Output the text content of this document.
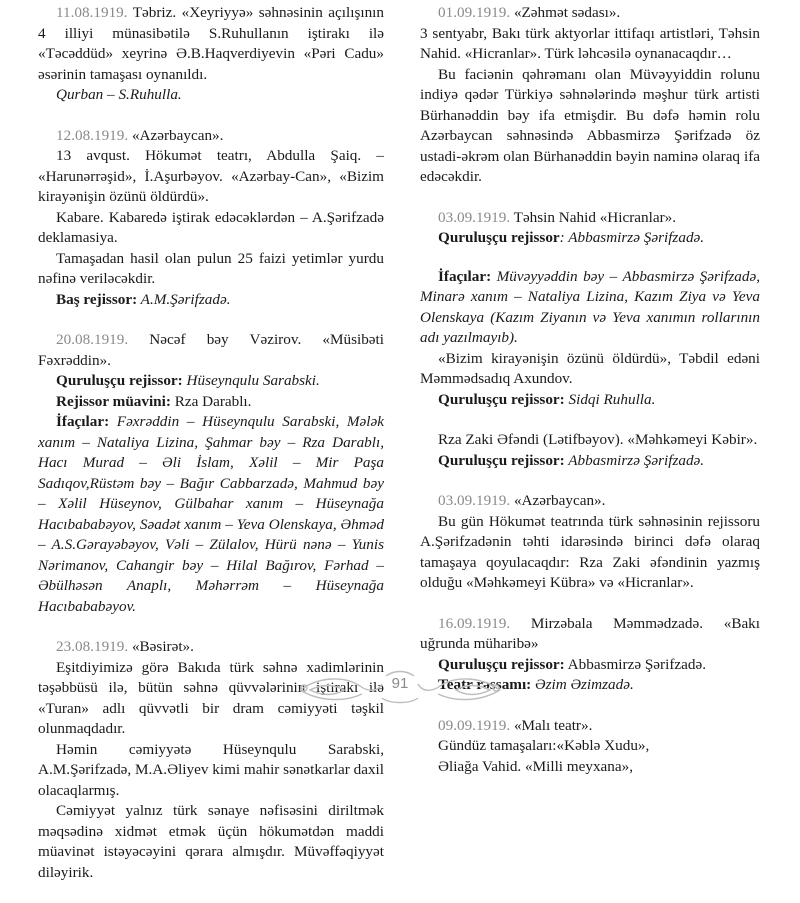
11.08.1919. Təbriz. «Xeyriyyə» səhnəsinin açılışının 4 illiyi münasibətilə S.Ruhullanın iştirakı ilə «Təcəddüd» xeyrinə Ə.B.Haqverdiyevin «Pəri Cadu» əsərinin tamaşası oynanıldı.

Qurban – S.Ruhulla.

12.08.1919. «Azərbaycan».

13 avqust. Hökumət teatrı, Abdulla Şaiq. – «Harunərrəşid», İ.Aşurbəyov. «Azərbay-Can», «Bizim kirayənişin özünü öldürdü».

Kabare. Kabaredə iştirak edəcəklərdən – A.Şərifzadə deklamasiya.

Tamaşadan hasil olan pulun 25 faizi yetimlər yurdu nəfinə veriləcəkdir.

Baş rejissor: A.M.Şərifzadə.

20.08.1919. Nəcəf bəy Vəzirov. «Müsibəti Fəxrəddin».

Quruluşçu rejissor: Hüseynqulu Sarabski.

Rejissor müavini: Rza Darablı.

İfaçılar: Fəxrəddin – Hüseynqulu Sarabski, Mələk xanım – Nataliya Lizina, Şahmar bəy – Rza Darablı, Hacı Murad – Əli İslam, Xəlil – Mir Paşa Sadıqov,Rüstəm bəy – Bağır Cabbarzadə, Mahmud bəy – Xəlil Hüseynov, Gülbahar xanım – Hüseynağa Hacıbababəyov, Səadət xanım – Yeva Olenskaya, Əhməd – A.S.Gərayəbəyov, Vəli – Zülalov, Hürü nənə – Yunis Nərimanov, Cahangir bəy – Hilal Bağırov, Fərhad – Əbülhəsən Anaplı, Məhərrəm – Hüseynağa Hacıbababəyov.

23.08.1919. «Bəsirət».

Eşitdiyimizə görə Bakıda türk səhnə xadimlərinin təşəbbüsü ilə, bütün səhnə qüvvələrinin iştirakı ilə «Turan» adlı qüvvətli bir dram cəmiyyəti təşkil olunmaqdadır.

Həmin cəmiyyətə Hüseynqulu Sarabski, A.M.Şərifzadə, M.A.Əliyev kimi mahir sənətkarlar daxil olacaqlarmış.

Cəmiyyət yalnız türk sənaye nəfisəsini diriltmək məqsədinə xidmət etmək üçün hökumətdən maddi müavinət istəyəcəyini qərara almışdır. Müvəffəqiyyət diləyirik.

01.09.1919. «Zəhmət sədası».

3 sentyabr, Bakı türk aktyorlar ittifaqı artistləri, Təhsin Nahid. «Hicranlar». Türk ləhcəsilə oynanacaqdır…

Bu faciənin qəhrəmanı olan Müvəyyiddin rolunu indiyə qədər Türkiyə səhnələrində məşhur türk artisti Bürhanəddin bəy ifa etmişdir. Bu dəfə həmin rolu Azərbaycan səhnəsində Abbasmirzə Şərifzadə öz ustadi-əkrəm olan Bürhanəddin bəyin naminə olaraq ifa edəcəkdir.

03.09.1919. Təhsin Nahid «Hicranlar».

Quruluşçu rejissor: Abbasmirzə Şərifzadə.

İfaçılar: Müvəyyəddin bəy – Abbasmirzə Şərifzadə, Minarə xanım – Nataliya Lizina, Kazım Ziya və Yeva Olenskaya (Kazım Ziyanın və Yeva xanımın rollarının adı yazılmayıb).

«Bizim kirayənişin özünü öldürdü», Təbdil edəni Məmmədsadıq Axundov.

Quruluşçu rejissor: Sidqi Ruhulla.

Rza Zaki Əfəndi (Lətifbəyov). «Məhkəmeyi Kəbir».

Quruluşçu rejissor: Abbasmirzə Şərifzadə.

03.09.1919. «Azərbaycan».

Bu gün Hökumət teatrında türk səhnəsinin rejissoru A.Şərifzadənin təhti idarəsində birinci dəfə olaraq tamaşaya qoyulacaqdır: Rza Zaki əfəndinin yazmış olduğu «Məhkəmeyi Kübra» və «Hicranlar».

16.09.1919. Mirzəbala Məmmədzadə. «Bakı uğrunda müharibə»

Quruluşçu rejissor: Abbasmirzə Şərifzadə.

Teatr rəssamı: Əzim Əzimzadə.

09.09.1919. «Malı teatr».

Gündüz tamaşaları:«Kəblə Xudu»,

Əliağa Vahid. «Milli meyxana»,

91
